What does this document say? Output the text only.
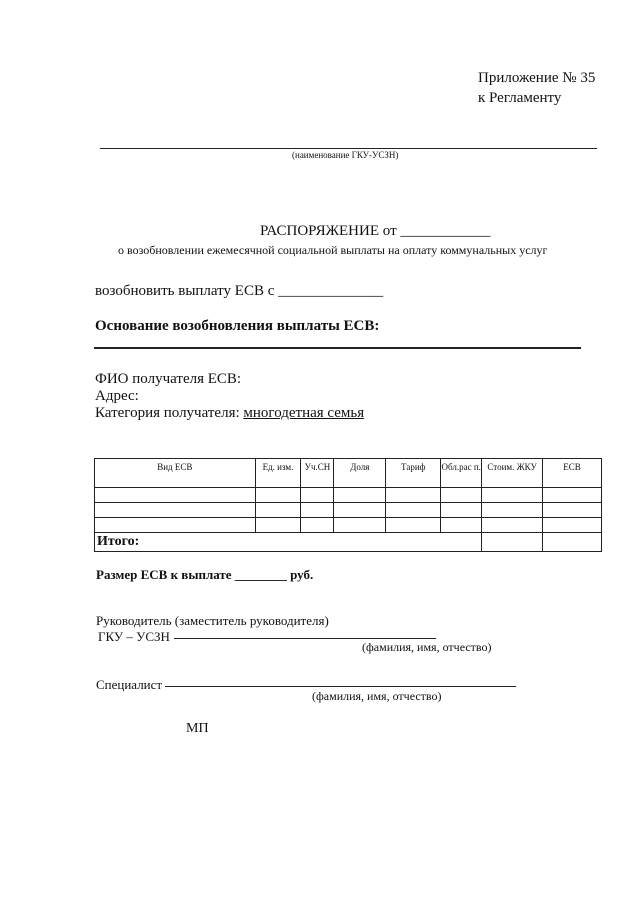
Приложение № 35
к Регламенту
(наименование ГКУ-УСЗН)
РАСПОРЯЖЕНИЕ от ____________
о возобновлении ежемесячной социальной выплаты на оплату коммунальных услуг
возобновить выплату ЕСВ с ______________
Основание возобновления выплаты ЕСВ:
ФИО получателя ЕСВ:
Адрес:
Категория получателя: многодетная семья
Вид ЕСВ	Ед. изм.	Уч.СН	Доля	Тариф	Обл.рас п.	Стоим. ЖКУ	ЕСВ

Итого:							
Размер ЕСВ к выплате ________ руб.
Руководитель (заместитель руководителя)
ГКУ – УСЗН
(фамилия, имя, отчество)
Специалист
(фамилия, имя, отчество)
МП
